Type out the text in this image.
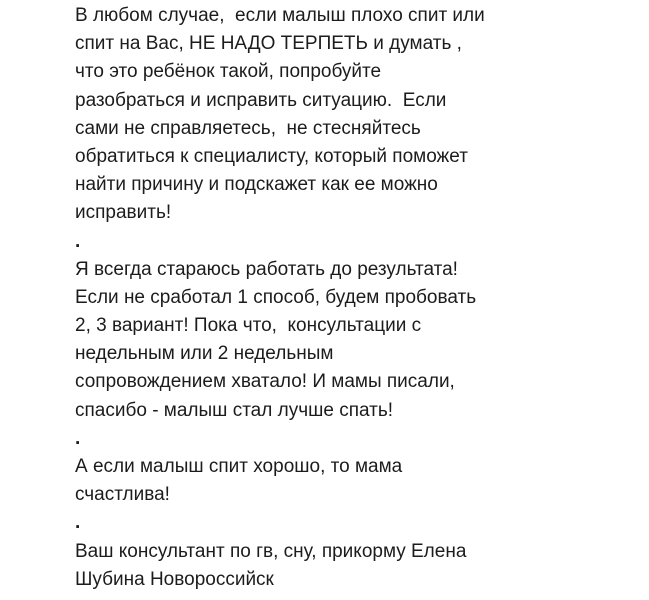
В любом случае,  если малыш плохо спит или
спит на Вас, НЕ НАДО ТЕРПЕТЬ и думать ,
что это ребёнок такой, попробуйте
разобраться и исправить ситуацию.  Если
сами не справляетесь,  не стесняйтесь
обратиться к специалисту, который поможет
найти причину и подскажет как ее можно
исправить!
.
Я всегда стараюсь работать до результата!
Если не сработал 1 способ, будем пробовать
2, 3 вариант! Пока что,  консультации с
недельным или 2 недельным
сопровождением хватало! И мамы писали,
спасибо - малыш стал лучше спать!
.
А если малыш спит хорошо, то мама
счастлива!
.
Ваш консультант по гв, сну, прикорму Елена
Шубина Новороссийск
